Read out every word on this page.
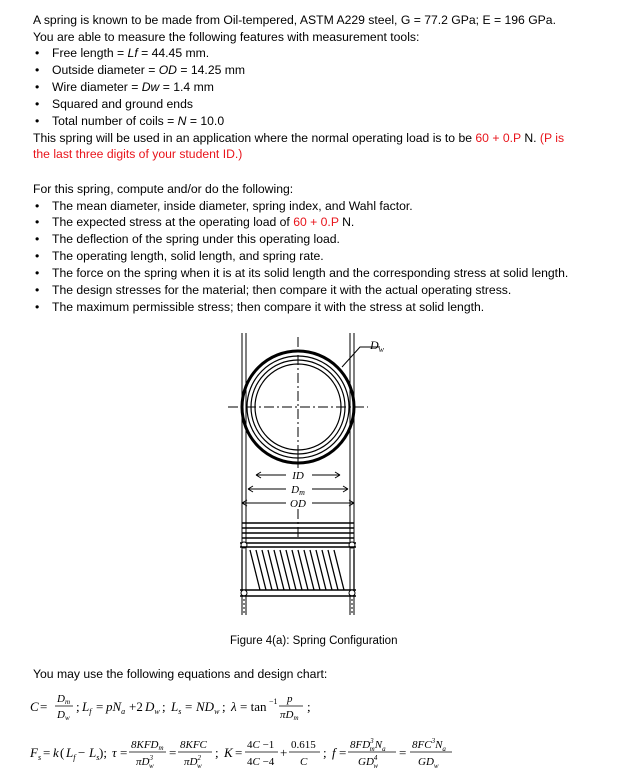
A spring is known to be made from Oil-tempered, ASTM A229 steel, G = 77.2 GPa; E = 196 GPa.

You are able to measure the following features with measurement tools:

• Free length = Lf = 44.45 mm.
• Outside diameter = OD = 14.25 mm
• Wire diameter = Dw = 1.4 mm
• Squared and ground ends
• Total number of coils = N = 10.0

This spring will be used in an application where the normal operating load is to be 60 + 0.P N. (P is

the last three digits of your student ID.)

For this spring, compute and/or do the following:

• The mean diameter, inside diameter, spring index, and Wahl factor.
• The expected stress at the operating load of 60 + 0.P N.
• The deflection of the spring under this operating load.
• The operating length, solid length, and spring rate.
• The force on the spring when it is at its solid length and the corresponding stress at solid length.
• The design stresses for the material; then compare it with the actual operating stress.
• The maximum permissible stress; then compare it with the stress at solid length.
$D_w$
ID
Dm
OD
Figure 4(a): Spring Configuration
You may use the following equations and design chart:
C = Dm
Dw
; $L_f = pN_a +2$ $D_w$ ; $L_s = ND_w$ ; λ = tan −1 p
πDm
;
$F_s = k$ ( $L_f - L_s$ ); τ = 8KFDm
$\pi D^3$ w
= 8KFC
$\pi D^2$ w
; K = 4C −1
4C −4
+ 0.615
C
; $f = 8FD^3$ $mN_a$
$GD^4$ w
= $8FC^3N_a$
$GD_w$
